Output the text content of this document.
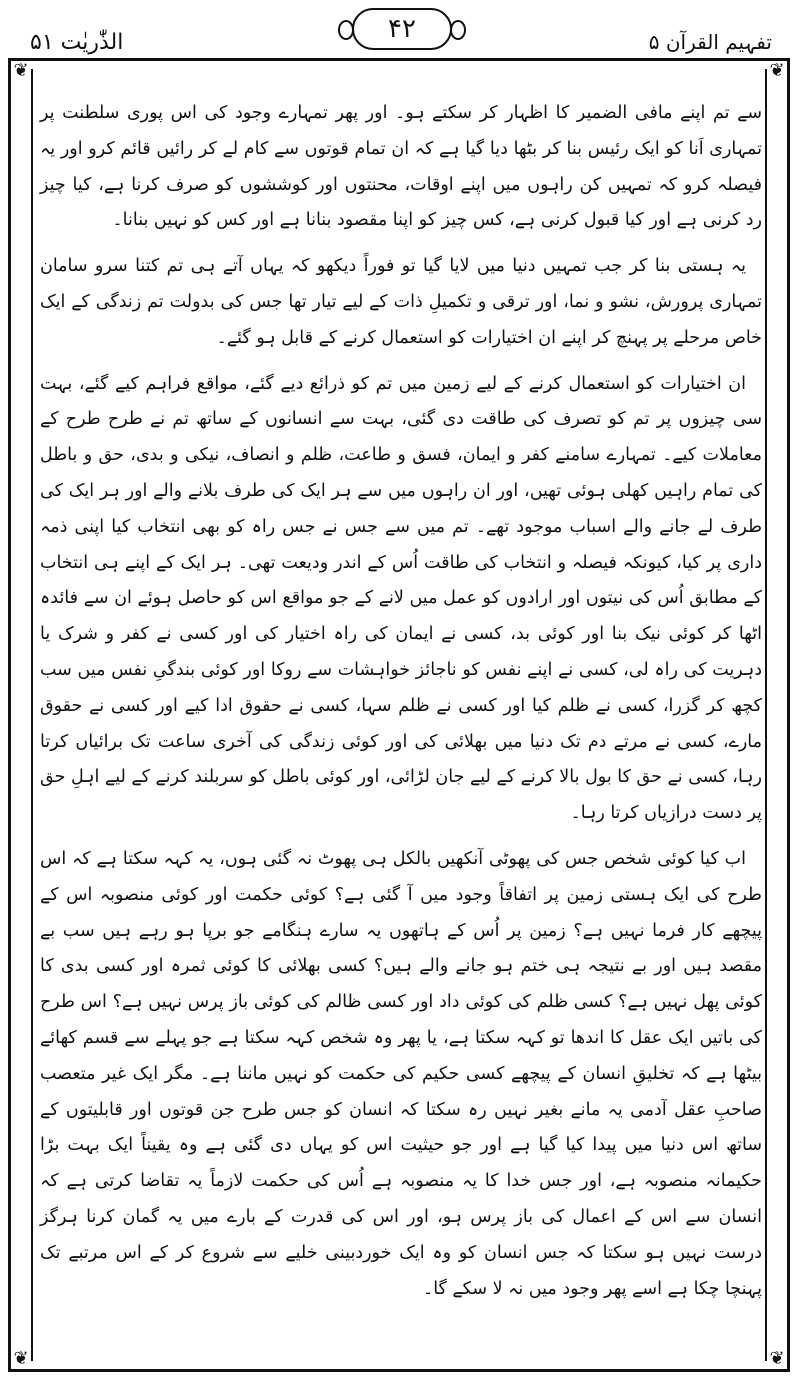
الذّٰریٰت ۵۱	۴۲	تفہیم القرآن ۵
❦	❦
❦	❦

سے تم اپنے مافی الضمیر کا اظہار کر سکتے ہو۔ اور پھر تمہارے وجود کی اس پوری سلطنت پر تمہاری اَنا کو ایک رئیس بنا کر بٹھا دیا گیا ہے کہ ان تمام قوتوں سے کام لے کر رائیں قائم کرو اور یہ فیصلہ کرو کہ تمہیں کن راہوں میں اپنے اوقات، محنتوں اور کوششوں کو صرف کرنا ہے، کیا چیز رد کرنی ہے اور کیا قبول کرنی ہے، کس چیز کو اپنا مقصود بنانا ہے اور کس کو نہیں بنانا۔

یہ ہستی بنا کر جب تمہیں دنیا میں لایا گیا تو فوراً دیکھو کہ یہاں آتے ہی تم کتنا سرو سامان تمہاری پرورش، نشو و نما، اور ترقی و تکمیلِ ذات کے لیے تیار تھا جس کی بدولت تم زندگی کے ایک خاص مرحلے پر پہنچ کر اپنے ان اختیارات کو استعمال کرنے کے قابل ہو گئے۔

ان اختیارات کو استعمال کرنے کے لیے زمین میں تم کو ذرائع دیے گئے، مواقع فراہم کیے گئے، بہت سی چیزوں پر تم کو تصرف کی طاقت دی گئی، بہت سے انسانوں کے ساتھ تم نے طرح طرح کے معاملات کیے۔ تمہارے سامنے کفر و ایمان، فسق و طاعت، ظلم و انصاف، نیکی و بدی، حق و باطل کی تمام راہیں کھلی ہوئی تھیں، اور ان راہوں میں سے ہر ایک کی طرف بلانے والے اور ہر ایک کی طرف لے جانے والے اسباب موجود تھے۔ تم میں سے جس نے جس راہ کو بھی انتخاب کیا اپنی ذمہ داری پر کیا، کیونکہ فیصلہ و انتخاب کی طاقت اُس کے اندر ودیعت تھی۔ ہر ایک کے اپنے ہی انتخاب کے مطابق اُس کی نیتوں اور ارادوں کو عمل میں لانے کے جو مواقع اس کو حاصل ہوئے ان سے فائدہ اٹھا کر کوئی نیک بنا اور کوئی بد، کسی نے ایمان کی راہ اختیار کی اور کسی نے کفر و شرک یا دہریت کی راہ لی، کسی نے اپنے نفس کو ناجائز خواہشات سے روکا اور کوئی بندگیِ نفس میں سب کچھ کر گزرا، کسی نے ظلم کیا اور کسی نے ظلم سہا، کسی نے حقوق ادا کیے اور کسی نے حقوق مارے، کسی نے مرتے دم تک دنیا میں بھلائی کی اور کوئی زندگی کی آخری ساعت تک برائیاں کرتا رہا، کسی نے حق کا بول بالا کرنے کے لیے جان لڑائی، اور کوئی باطل کو سربلند کرنے کے لیے اہلِ حق پر دست درازیاں کرتا رہا۔

اب کیا کوئی شخص جس کی پھوٹی آنکھیں بالکل ہی پھوٹ نہ گئی ہوں، یہ کہہ سکتا ہے کہ اس طرح کی ایک ہستی زمین پر اتفاقاً وجود میں آ گئی ہے؟ کوئی حکمت اور کوئی منصوبہ اس کے پیچھے کار فرما نہیں ہے؟ زمین پر اُس کے ہاتھوں یہ سارے ہنگامے جو برپا ہو رہے ہیں سب بے مقصد ہیں اور بے نتیجہ ہی ختم ہو جانے والے ہیں؟ کسی بھلائی کا کوئی ثمرہ اور کسی بدی کا کوئی پھل نہیں ہے؟ کسی ظلم کی کوئی داد اور کسی ظالم کی کوئی باز پرس نہیں ہے؟ اس طرح کی باتیں ایک عقل کا اندھا تو کہہ سکتا ہے، یا پھر وہ شخص کہہ سکتا ہے جو پہلے سے قسم کھائے بیٹھا ہے کہ تخلیقِ انسان کے پیچھے کسی حکیم کی حکمت کو نہیں ماننا ہے۔ مگر ایک غیر متعصب صاحبِ عقل آدمی یہ مانے بغیر نہیں رہ سکتا کہ انسان کو جس طرح جن قوتوں اور قابلیتوں کے ساتھ اس دنیا میں پیدا کیا گیا ہے اور جو حیثیت اس کو یہاں دی گئی ہے وہ یقیناً ایک بہت بڑا حکیمانہ منصوبہ ہے، اور جس خدا کا یہ منصوبہ ہے اُس کی حکمت لازماً یہ تقاضا کرتی ہے کہ انسان سے اس کے اعمال کی باز پرس ہو، اور اس کی قدرت کے بارے میں یہ گمان کرنا ہرگز درست نہیں ہو سکتا کہ جس انسان کو وہ ایک خوردبینی خلیے سے شروع کر کے اس مرتبے تک پہنچا چکا ہے اسے پھر وجود میں نہ لا سکے گا۔
